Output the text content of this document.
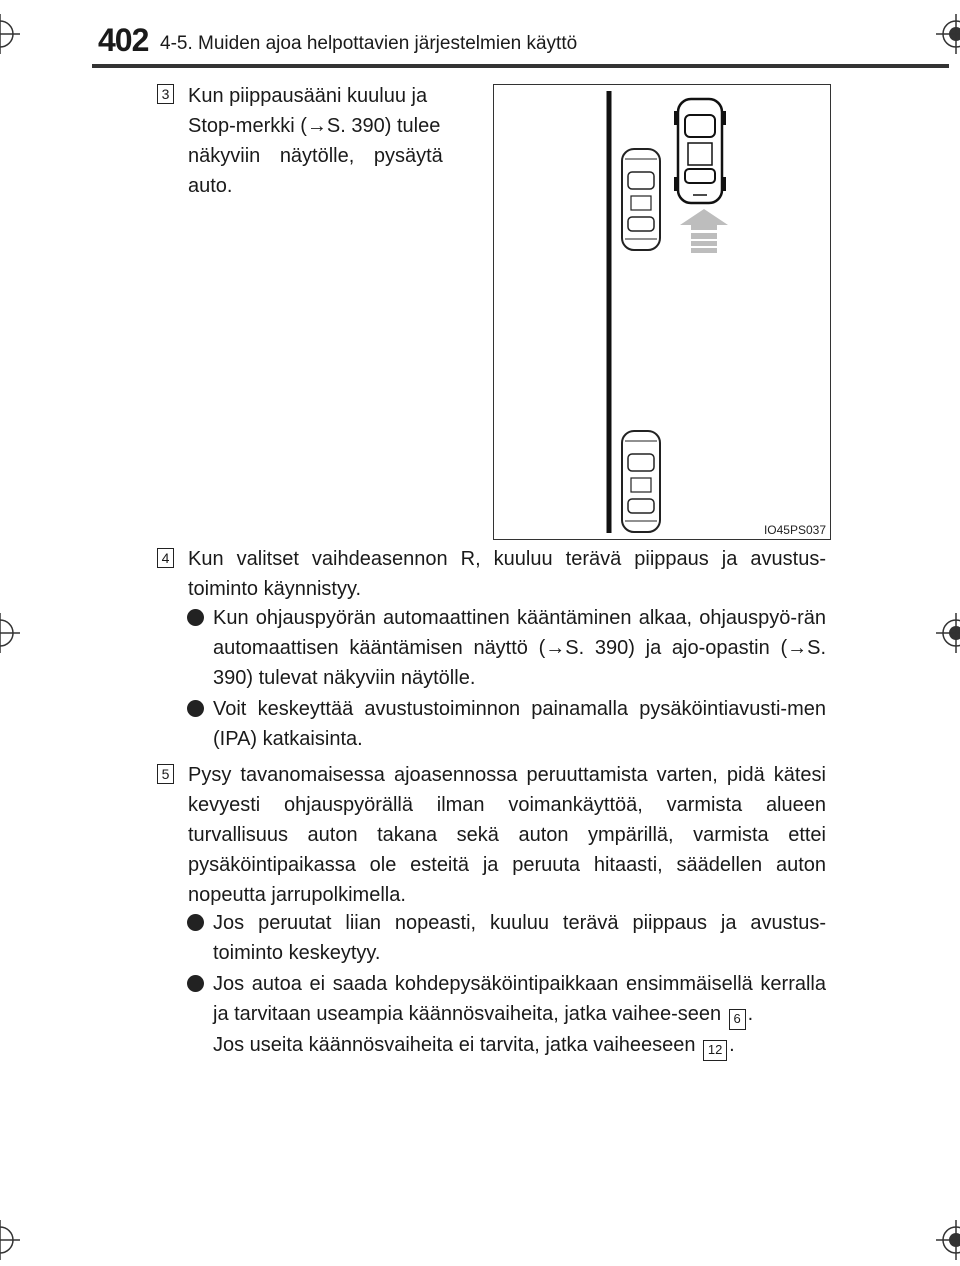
402 4-5. Muiden ajoa helpottavien järjestelmien käyttö
3 Kun piippausääni kuuluu ja
Stop-merkki (→S. 390) tulee
näkyviin näytölle, pysäytä
auto.
IO45PS037
4 Kun valitset vaihdeasennon R, kuuluu terävä piippaus ja avustus-toiminto käynnistyy.
Kun ohjauspyörän automaattinen kääntäminen alkaa, ohjauspyö-rän automaattisen kääntämisen näyttö (→S. 390) ja ajo-opastin (→S. 390) tulevat näkyviin näytölle.
Voit keskeyttää avustustoiminnon painamalla pysäköintiavusti-men (IPA) katkaisinta.
5 Pysy tavanomaisessa ajoasennossa peruuttamista varten, pidä kätesi kevyesti ohjauspyörällä ilman voimankäyttöä, varmista alueen turvallisuus auton takana sekä auton ympärillä, varmista ettei pysäköintipaikassa ole esteitä ja peruuta hitaasti, säädellen auton nopeutta jarrupolkimella.
Jos peruutat liian nopeasti, kuuluu terävä piippaus ja avustus-toiminto keskeytyy.
Jos autoa ei saada kohdepysäköintipaikkaan ensimmäisellä kerralla ja tarvitaan useampia käännösvaiheita, jatka vaihee-seen 6 .
Jos useita käännösvaiheita ei tarvita, jatka vaiheeseen 12 .
